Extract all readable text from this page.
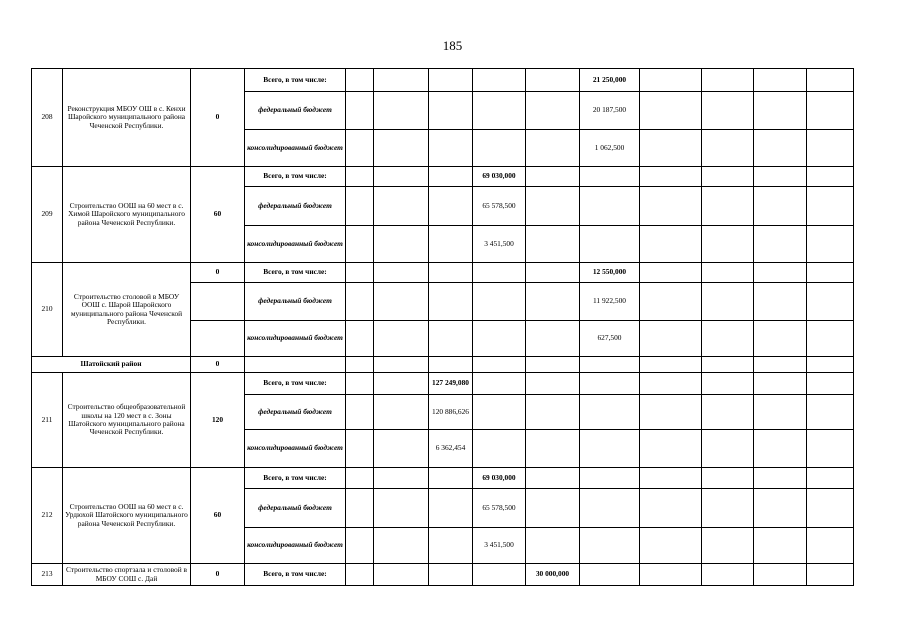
185
208	Реконструкция МБОУ ОШ в с. Кенхи Шаройского муниципального района Чеченской Республики.	0	Всего, в том числе:						21 250,000				
			федеральный бюджет						20 187,500				
			консолидированный бюджет						1 062,500				
209	Строительство ООШ на 60 мест в с. Химой Шаройского муниципального района Чеченской Республики.	60	Всего, в том числе:				69 030,000						
			федеральный бюджет				65 578,500						
			консолидированный бюджет				3 451,500						
210	Строительство столовой в МБОУ ООШ с. Шарой Шаройского муниципального района Чеченской Республики.	0	Всего, в том числе:						12 550,000				
			федеральный бюджет						11 922,500				
			консолидированный бюджет						627,500				
Шатойский район		0											
211	Строительство общеобразовательной школы на 120 мест в с. Зоны Шатойского муниципального района Чеченской Республики.	120	Всего, в том числе:			127 249,080							
			федеральный бюджет			120 886,626							
			консолидированный бюджет			6 362,454							
212	Строительство ООШ на 60 мест в с. Урдюхой Шатойского муниципального района Чеченской Республики.	60	Всего, в том числе:				69 030,000						
			федеральный бюджет				65 578,500						
			консолидированный бюджет				3 451,500						
213	Строительство спортзала и столовой в МБОУ СОШ с. Дай	0	Всего, в том числе:					30 000,000					
